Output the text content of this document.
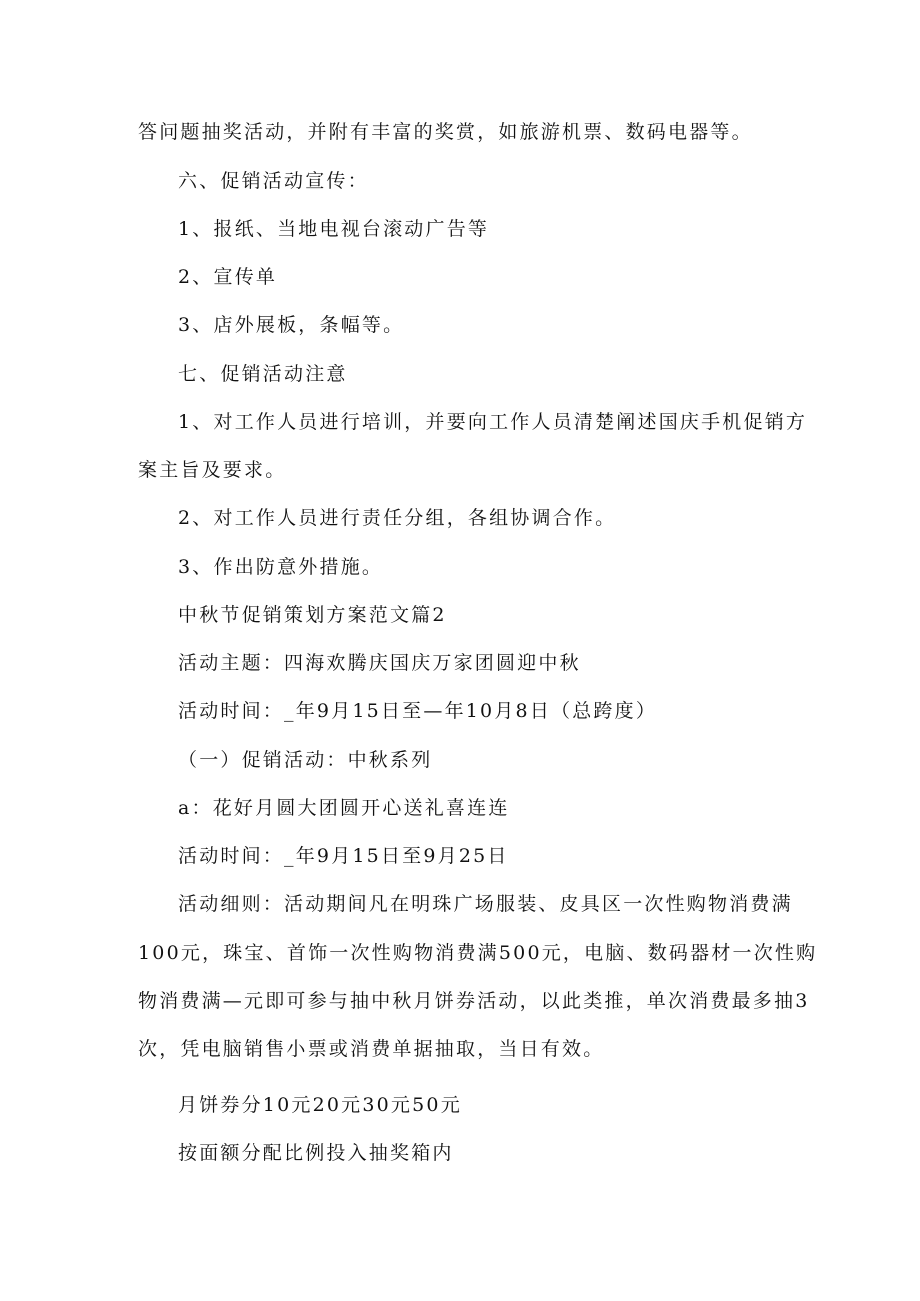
答问题抽奖活动，并附有丰富的奖赏，如旅游机票、数码电器等。
六、促销活动宣传：
1、报纸、当地电视台滚动广告等
2、宣传单
3、店外展板，条幅等。
七、促销活动注意
1、对工作人员进行培训，并要向工作人员清楚阐述国庆手机促销方
案主旨及要求。
2、对工作人员进行责任分组，各组协调合作。
3、作出防意外措施。
中秋节促销策划方案范文篇2
活动主题：四海欢腾庆国庆万家团圆迎中秋
活动时间：_年9月15日至—年10月8日（总跨度）
（一）促销活动：中秋系列
a：花好月圆大团圆开心送礼喜连连
活动时间：_年9月15日至9月25日
活动细则：活动期间凡在明珠广场服装、皮具区一次性购物消费满
100元，珠宝、首饰一次性购物消费满500元，电脑、数码器材一次性购
物消费满—元即可参与抽中秋月饼券活动，以此类推，单次消费最多抽3
次，凭电脑销售小票或消费单据抽取，当日有效。
月饼券分10元20元30元50元
按面额分配比例投入抽奖箱内
